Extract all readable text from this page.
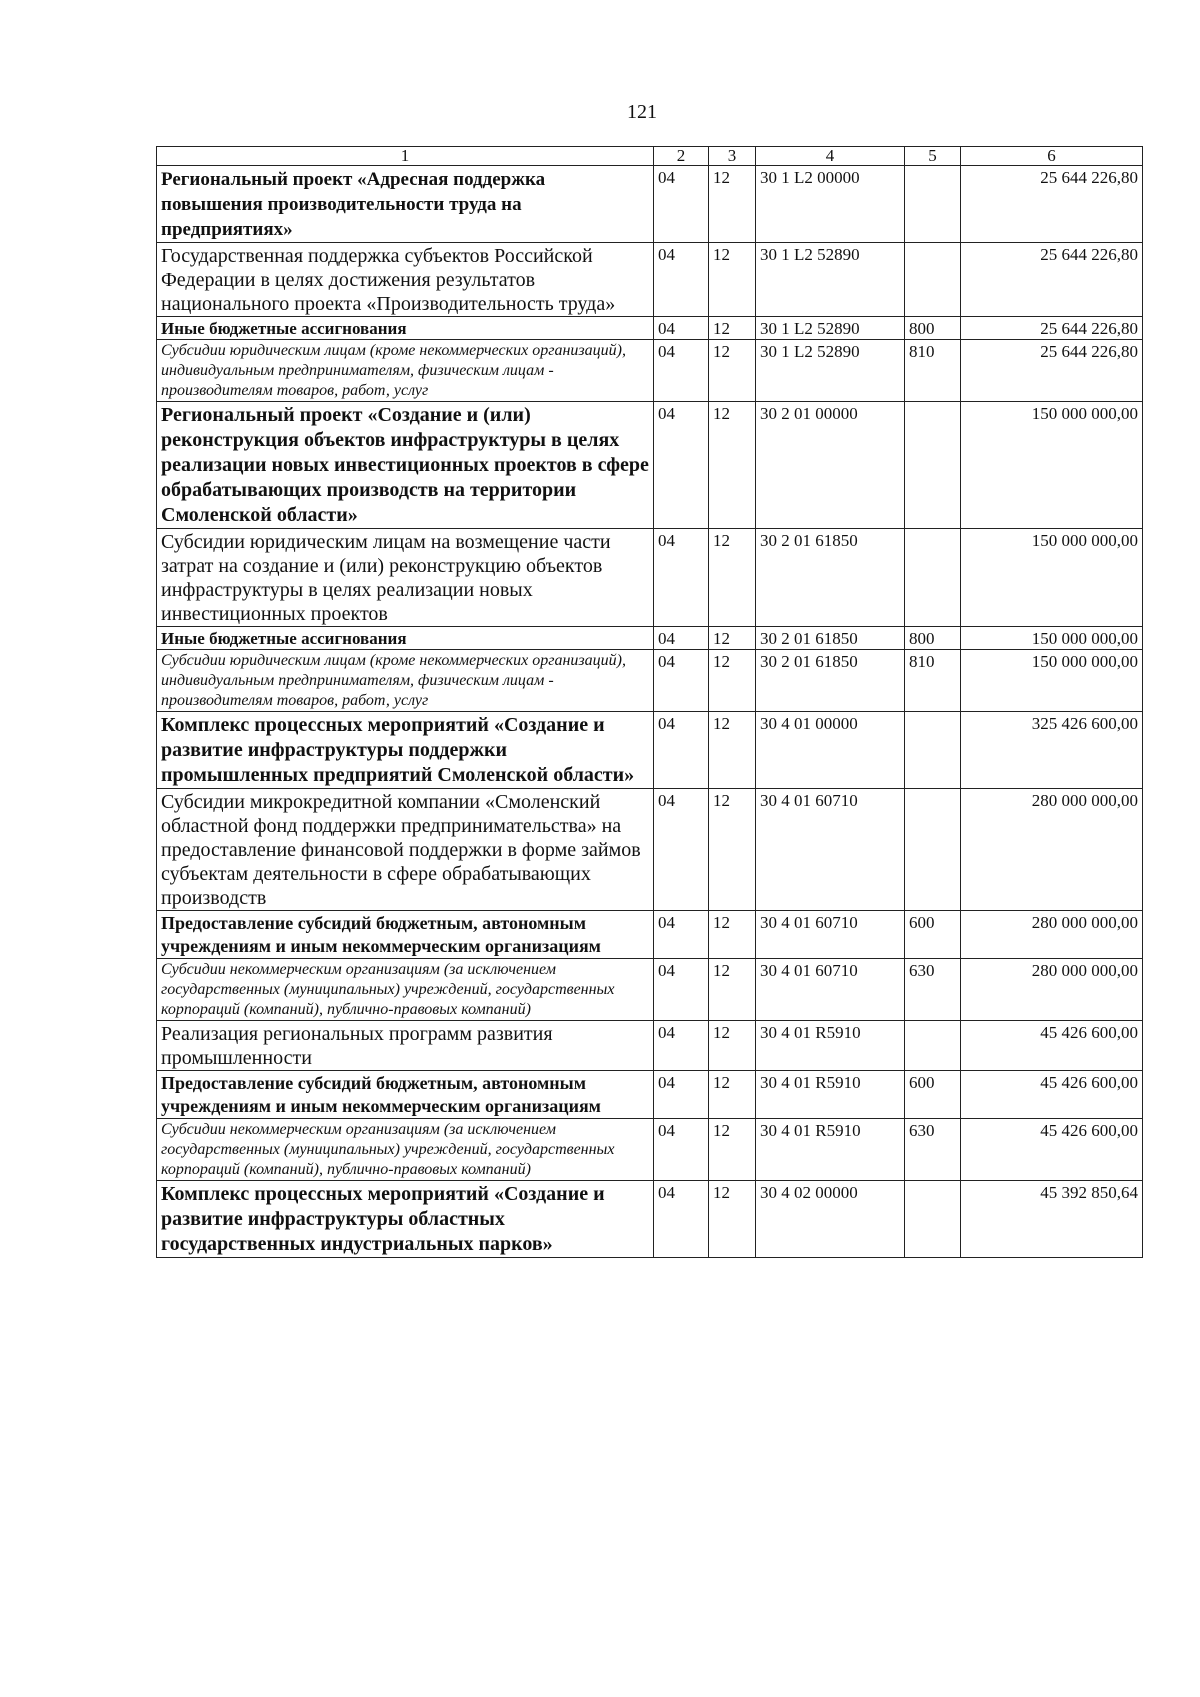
121
1	2	3	4	5	6
Региональный проект «Адресная поддержка повышения производительности труда на предприятиях»	04	12	30 1 L2 00000		25 644 226,80
Государственная поддержка субъектов Российской Федерации в целях достижения результатов национального проекта «Производительность труда»	04	12	30 1 L2 52890		25 644 226,80
Иные бюджетные ассигнования	04	12	30 1 L2 52890	800	25 644 226,80
Субсидии юридическим лицам (кроме некоммерческих организаций), индивидуальным предпринимателям, физическим лицам - производителям товаров, работ, услуг	04	12	30 1 L2 52890	810	25 644 226,80
Региональный проект «Создание и (или) реконструкция объектов инфраструктуры в целях реализации новых инвестиционных проектов в сфере обрабатывающих производств на территории Смоленской области»	04	12	30 2 01 00000		150 000 000,00
Субсидии юридическим лицам на возмещение части затрат на создание и (или) реконструкцию объектов инфраструктуры в целях реализации новых инвестиционных проектов	04	12	30 2 01 61850		150 000 000,00
Иные бюджетные ассигнования	04	12	30 2 01 61850	800	150 000 000,00
Субсидии юридическим лицам (кроме некоммерческих организаций), индивидуальным предпринимателям, физическим лицам - производителям товаров, работ, услуг	04	12	30 2 01 61850	810	150 000 000,00
Комплекс процессных мероприятий «Создание и развитие инфраструктуры поддержки промышленных предприятий Смоленской области»	04	12	30 4 01 00000		325 426 600,00
Субсидии микрокредитной компании «Смоленский областной фонд поддержки предпринимательства» на предоставление финансовой поддержки в форме займов субъектам деятельности в сфере обрабатывающих производств	04	12	30 4 01 60710		280 000 000,00
Предоставление субсидий бюджетным, автономным учреждениям и иным некоммерческим организациям	04	12	30 4 01 60710	600	280 000 000,00
Субсидии некоммерческим организациям (за исключением государственных (муниципальных) учреждений, государственных корпораций (компаний), публично-правовых компаний)	04	12	30 4 01 60710	630	280 000 000,00
Реализация региональных программ развития промышленности	04	12	30 4 01 R5910		45 426 600,00
Предоставление субсидий бюджетным, автономным учреждениям и иным некоммерческим организациям	04	12	30 4 01 R5910	600	45 426 600,00
Субсидии некоммерческим организациям (за исключением государственных (муниципальных) учреждений, государственных корпораций (компаний), публично-правовых компаний)	04	12	30 4 01 R5910	630	45 426 600,00
Комплекс процессных мероприятий «Создание и развитие инфраструктуры областных государственных индустриальных парков»	04	12	30 4 02 00000		45 392 850,64
